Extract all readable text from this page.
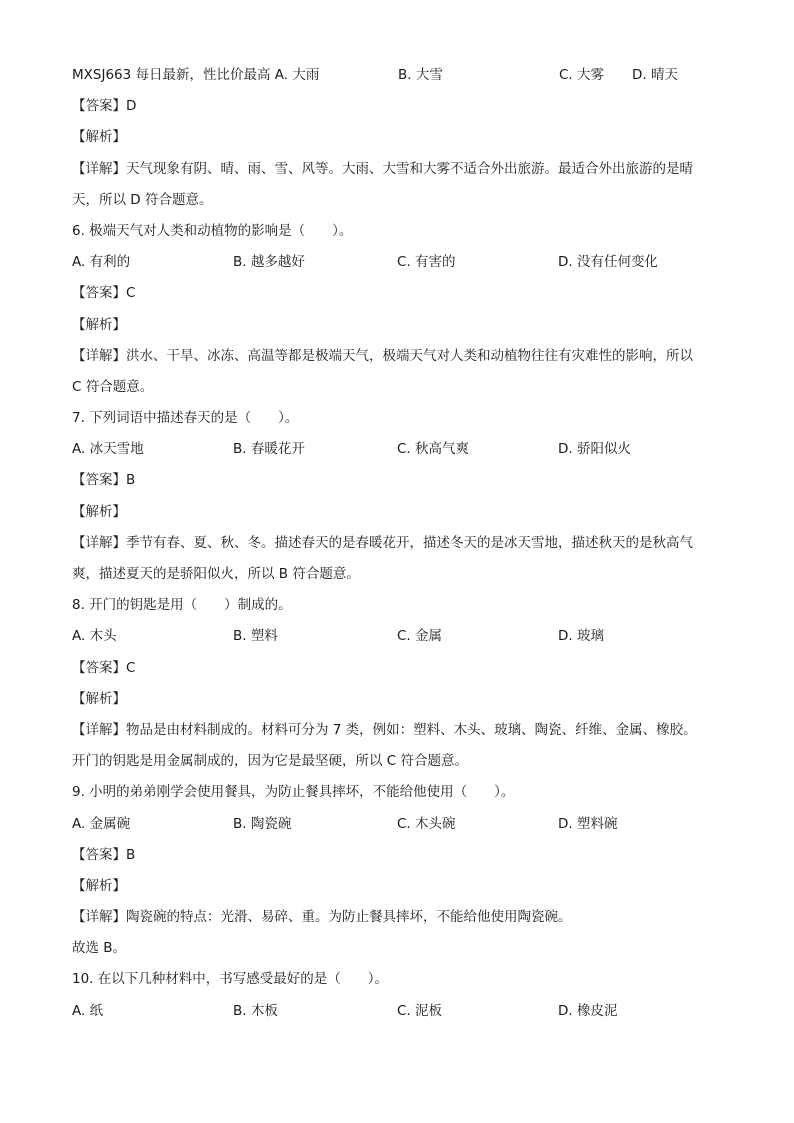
MXSJ663 每日最新，性比价最高 A. 大雨	B. 大雪	C. 大雾 D. 晴天
【答案】D
【解析】
【详解】天气现象有阴、晴、雨、雪、风等。大雨、大雪和大雾不适合外出旅游。最适合外出旅游的是晴
天，所以 D 符合题意。
6. 极端天气对人类和动植物的影响是（　　）。
A. 有利的	B. 越多越好	C. 有害的	D. 没有任何变化
【答案】C
【解析】
【详解】洪水、干旱、冰冻、高温等都是极端天气，极端天气对人类和动植物往往有灾难性的影响，所以
C 符合题意。
7. 下列词语中描述春天的是（　　）。
A. 冰天雪地	B. 春暖花开	C. 秋高气爽	D. 骄阳似火
【答案】B
【解析】
【详解】季节有春、夏、秋、冬。描述春天的是春暖花开，描述冬天的是冰天雪地，描述秋天的是秋高气
爽，描述夏天的是骄阳似火，所以 B 符合题意。
8. 开门的钥匙是用（　　）制成的。
A. 木头	B. 塑料	C. 金属	D. 玻璃
【答案】C
【解析】
【详解】物品是由材料制成的。材料可分为 7 类，例如：塑料、木头、玻璃、陶瓷、纤维、金属、橡胶。
开门的钥匙是用金属制成的，因为它是最坚硬，所以 C 符合题意。
9. 小明的弟弟刚学会使用餐具，为防止餐具摔坏，不能给他使用（　　）。
A. 金属碗	B. 陶瓷碗	C. 木头碗	D. 塑料碗
【答案】B
【解析】
【详解】陶瓷碗的特点：光滑、易碎、重。为防止餐具摔坏，不能给他使用陶瓷碗。
故选 B。
10. 在以下几种材料中，书写感受最好的是（　　）。
A. 纸	B. 木板	C. 泥板	D. 橡皮泥
